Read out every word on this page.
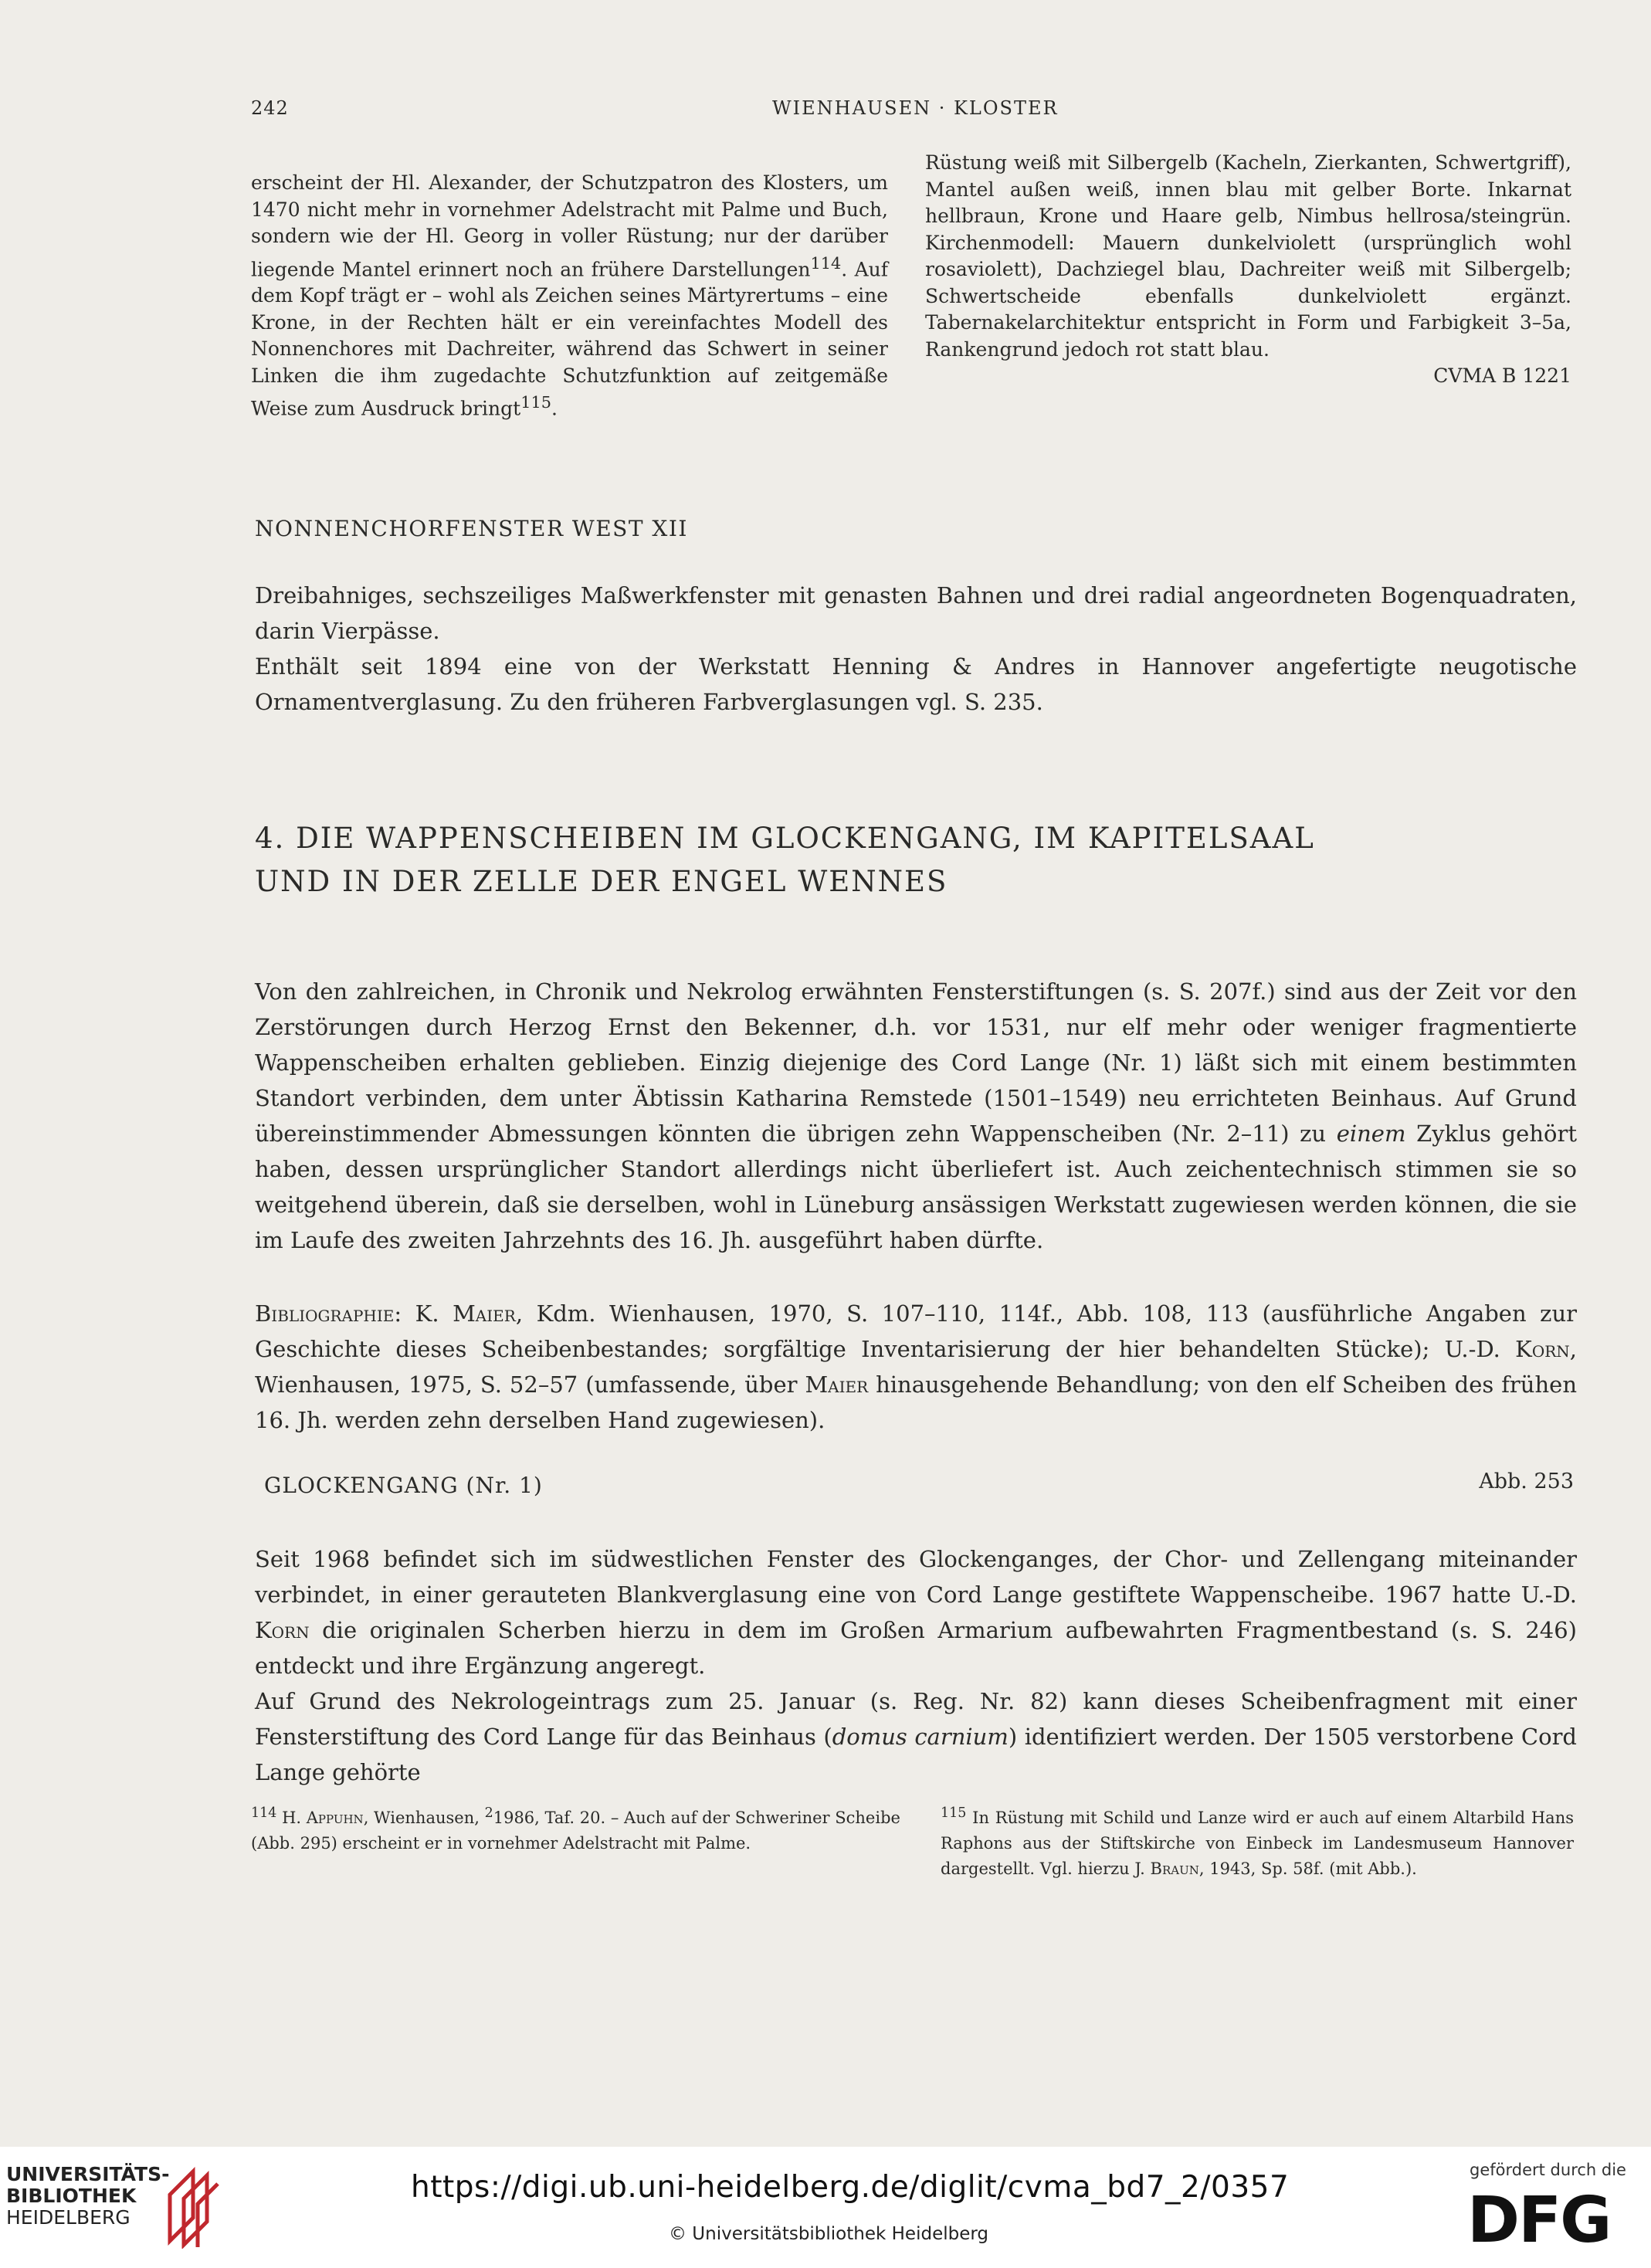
242	WIENHAUSEN · KLOSTER

erscheint der Hl. Alexander, der Schutzpatron des Klosters, um 1470 nicht mehr in vornehmer Adelstracht mit Palme und Buch, sondern wie der Hl. Georg in voller Rüstung; nur der darüber liegende Mantel erinnert noch an frühere Darstellungen$^{114}$. Auf dem Kopf trägt er – wohl als Zeichen seines Märtyrertums – eine Krone, in der Rechten hält er ein vereinfachtes Modell des Nonnenchores mit Dachreiter, während das Schwert in seiner Linken die ihm zugedachte Schutzfunktion auf zeitgemäße Weise zum Ausdruck bringt$^{115}$.

Rüstung weiß mit Silbergelb (Kacheln, Zierkanten, Schwertgriff), Mantel außen weiß, innen blau mit gelber Borte. Inkarnat hellbraun, Krone und Haare gelb, Nimbus hellrosa/steingrün. Kirchenmodell: Mauern dunkelviolett (ursprünglich wohl rosaviolett), Dachziegel blau, Dachreiter weiß mit Silbergelb; Schwertscheide ebenfalls dunkelviolett ergänzt. Tabernakelarchitektur entspricht in Form und Farbigkeit 3–5a, Rankengrund jedoch rot statt blau.

CVMA B 1221

NONNENCHORFENSTER WEST XII

Dreibahniges, sechszeiliges Maßwerkfenster mit genasten Bahnen und drei radial angeordneten Bogenquadraten, darin Vierpässe.

Enthält seit 1894 eine von der Werkstatt Henning & Andres in Hannover angefertigte neugotische Ornamentverglasung. Zu den früheren Farbverglasungen vgl. S. 235.

4. DIE WAPPENSCHEIBEN IM GLOCKENGANG, IM KAPITELSAAL
UND IN DER ZELLE DER ENGEL WENNES

Von den zahlreichen, in Chronik und Nekrolog erwähnten Fensterstiftungen (s. S. 207f.) sind aus der Zeit vor den Zerstörungen durch Herzog Ernst den Bekenner, d.h. vor 1531, nur elf mehr oder weniger fragmentierte Wappenscheiben erhalten geblieben. Einzig diejenige des Cord Lange (Nr. 1) läßt sich mit einem bestimmten Standort verbinden, dem unter Äbtissin Katharina Remstede (1501–1549) neu errichteten Beinhaus. Auf Grund übereinstimmender Abmessungen könnten die übrigen zehn Wappenscheiben (Nr. 2–11) zu einem Zyklus gehört haben, dessen ursprünglicher Standort allerdings nicht überliefert ist. Auch zeichentechnisch stimmen sie so weitgehend überein, daß sie derselben, wohl in Lüneburg ansässigen Werkstatt zugewiesen werden können, die sie im Laufe des zweiten Jahrzehnts des 16. Jh. ausgeführt haben dürfte.

Bibliographie: K. Maier, Kdm. Wienhausen, 1970, S. 107–110, 114f., Abb. 108, 113 (ausführliche Angaben zur Geschichte dieses Scheibenbestandes; sorgfältige Inventarisierung der hier behandelten Stücke); U.-D. Korn, Wienhausen, 1975, S. 52–57 (umfassende, über Maier hinausgehende Behandlung; von den elf Scheiben des frühen 16. Jh. werden zehn derselben Hand zugewiesen).

GLOCKENGANG (Nr. 1)	Abb. 253

Seit 1968 befindet sich im südwestlichen Fenster des Glockenganges, der Chor- und Zellengang miteinander verbindet, in einer gerauteten Blankverglasung eine von Cord Lange gestiftete Wappenscheibe. 1967 hatte U.-D. Korn die originalen Scherben hierzu in dem im Großen Armarium aufbewahrten Fragmentbestand (s. S. 246) entdeckt und ihre Ergänzung angeregt.

Auf Grund des Nekrologeintrags zum 25. Januar (s. Reg. Nr. 82) kann dieses Scheibenfragment mit einer Fensterstiftung des Cord Lange für das Beinhaus (domus carnium) identifiziert werden. Der 1505 verstorbene Cord Lange gehörte

$^{114}$ H. Appuhn, Wienhausen, $^2$1986, Taf. 20. – Auch auf der Schweriner Scheibe (Abb. 295) erscheint er in vornehmer Adelstracht mit Palme.
$^{115}$ In Rüstung mit Schild und Lanze wird er auch auf einem Altarbild Hans Raphons aus der Stiftskirche von Einbeck im Landesmuseum Hannover dargestellt. Vgl. hierzu J. Braun, 1943, Sp. 58f. (mit Abb.).
UNIVERSITÄTS-
BIBLIOTHEK
HEIDELBERG
https://digi.ub.uni-heidelberg.de/diglit/cvma_bd7_2/0357
© Universitätsbibliothek Heidelberg
gefördert durch die
DFG
